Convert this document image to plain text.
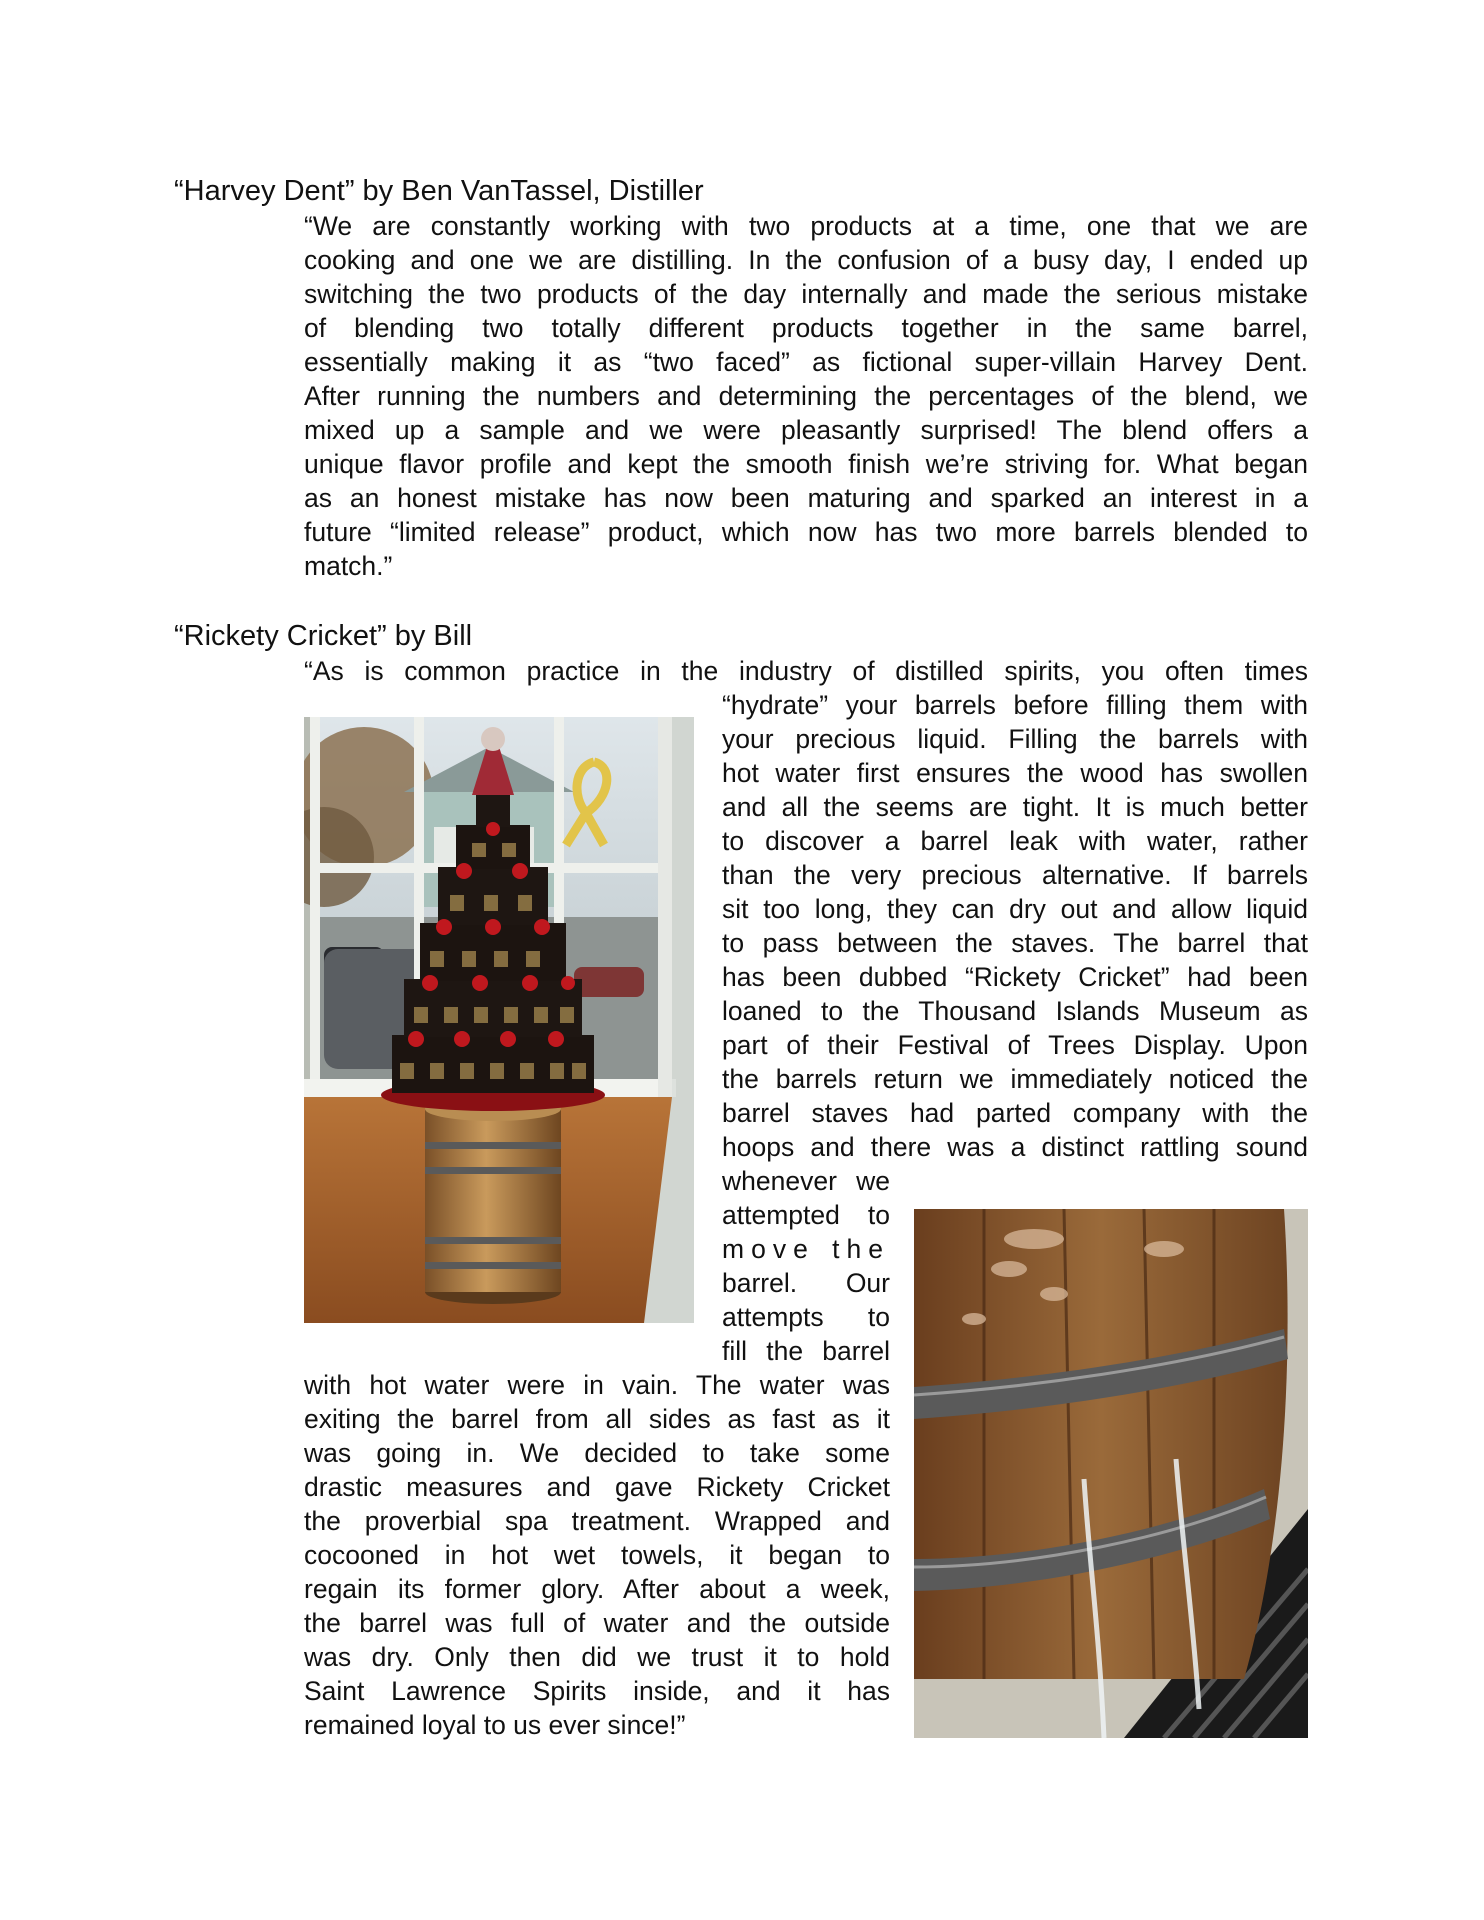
“Harvey Dent” by Ben VanTassel, Distiller
“We are constantly working with two products at a time, one that we are
cooking and one we are distilling. In the confusion of a busy day, I ended up
switching the two products of the day internally and made the serious mistake
of blending two totally different products together in the same barrel,
essentially making it as “two faced” as fictional super-villain Harvey Dent.
After running the numbers and determining the percentages of the blend, we
mixed up a sample and we were pleasantly surprised! The blend offers a
unique flavor profile and kept the smooth finish we’re striving for. What began
as an honest mistake has now been maturing and sparked an interest in a
future “limited release” product, which now has two more barrels blended to
match.”
“Rickety Cricket” by Bill
“As is common practice in the industry of distilled spirits, you often times
“hydrate” your barrels before filling them with
your precious liquid. Filling the barrels with
hot water first ensures the wood has swollen
and all the seems are tight. It is much better
to discover a barrel leak with water, rather
than the very precious alternative. If barrels
sit too long, they can dry out and allow liquid
to pass between the staves. The barrel that
has been dubbed “Rickety Cricket” had been
loaned to the Thousand Islands Museum as
part of their Festival of Trees Display. Upon
the barrels return we immediately noticed the
barrel staves had parted company with the
hoops and there was a distinct rattling sound
whenever we
attempted to
move the
barrel. Our
attempts to
fill the barrel
with hot water were in vain. The water was
exiting the barrel from all sides as fast as it
was going in. We decided to take some
drastic measures and gave Rickety Cricket
the proverbial spa treatment. Wrapped and
cocooned in hot wet towels, it began to
regain its former glory. After about a week,
the barrel was full of water and the outside
was dry. Only then did we trust it to hold
Saint Lawrence Spirits inside, and it has
remained loyal to us ever since!”
